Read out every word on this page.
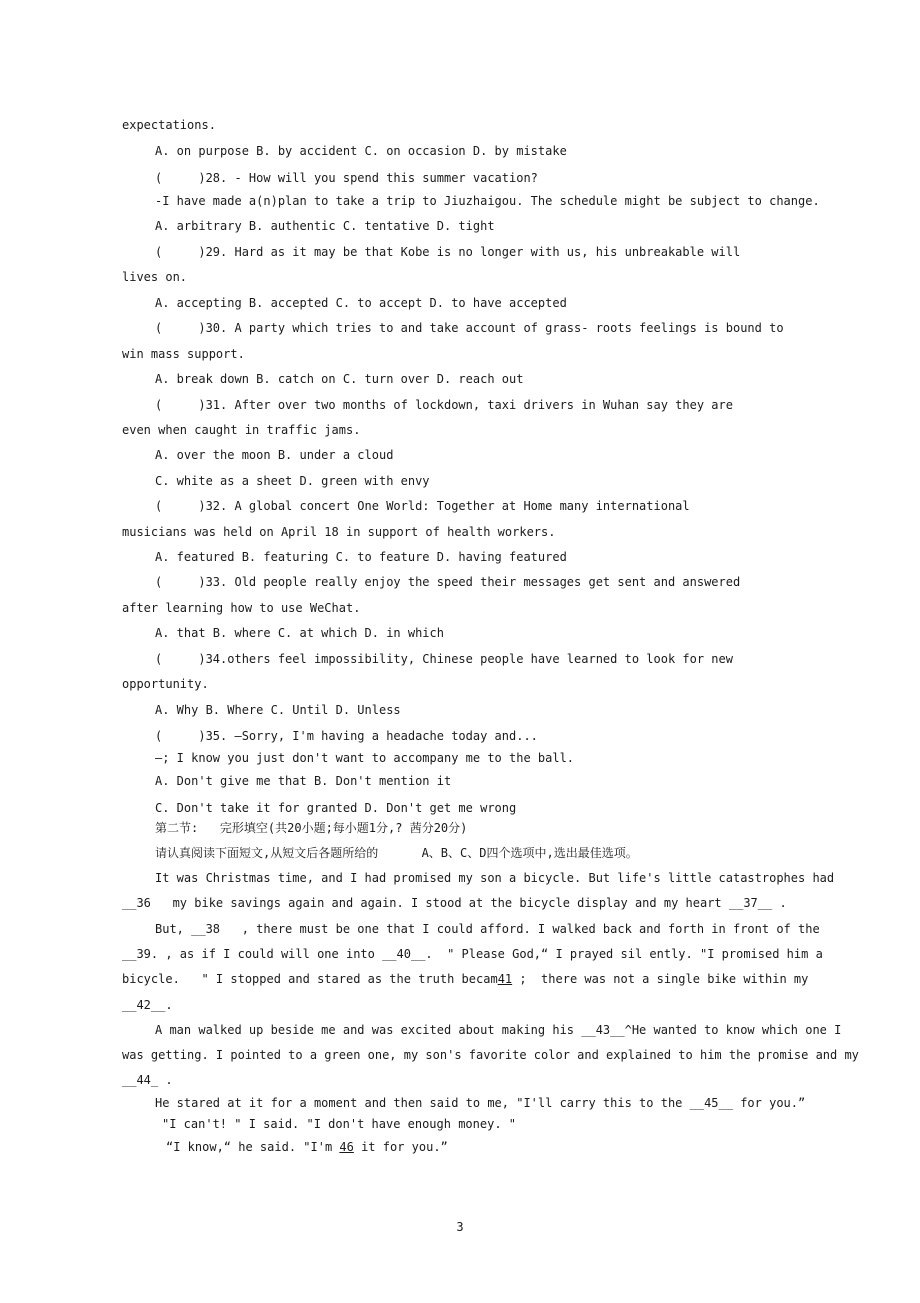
expectations.
A. on purpose B. by accident C. on occasion D. by mistake
(     )28. - How will you spend this summer vacation?
-I have made a(n)plan to take a trip to Jiuzhaigou. The schedule might be subject to change.
A. arbitrary B. authentic C. tentative D. tight
(     )29. Hard as it may be that Kobe is no longer with us, his unbreakable will
lives on.
A. accepting B. accepted C. to accept D. to have accepted
(     )30. A party which tries to and take account of grass- roots feelings is bound to
win mass support.
A. break down B. catch on C. turn over D. reach out
(     )31. After over two months of lockdown, taxi drivers in Wuhan say they are
even when caught in traffic jams.
A. over the moon B. under a cloud
C. white as a sheet D. green with envy
(     )32. A global concert One World: Together at Home many international
musicians was held on April 18 in support of health workers.
A. featured B. featuring C. to feature D. having featured
(     )33. Old people really enjoy the speed their messages get sent and answered
after learning how to use WeChat.
A. that B. where C. at which D. in which
(     )34.others feel impossibility, Chinese people have learned to look for new
opportunity.
A. Why B. Where C. Until D. Unless
(     )35. —Sorry, I'm having a headache today and...
—; I know you just don't want to accompany me to the ball.
A. Don't give me that B. Don't mention it
C. Don't take it for granted D. Don't get me wrong
第二节:   完形填空(共20小题;每小题1分,? 茜分20分)
请认真阅读下面短文,从短文后各题所给的      A、B、C、D四个选项中,选出最佳选项。
It was Christmas time, and I had promised my son a bicycle. But life's little catastrophes had
__36   my bike savings again and again. I stood at the bicycle display and my heart __37__ .
But, __38   , there must be one that I could afford. I walked back and forth in front of the
__39. , as if I could will one into __40__.  " Please God,“ I prayed sil ently. "I promised him a
bicycle.   " I stopped and stared as the truth becam41 ;  there was not a single bike within my
__42__.
A man walked up beside me and was excited about making his __43__^He wanted to know which one I
was getting. I pointed to a green one, my son's favorite color and explained to him the promise and my
__44_ .
He stared at it for a moment and then said to me, "I'll carry this to the __45__ for you.”
"I can't! " I said. "I don't have enough money. "
“I know,“ he said. "I'm 46 it for you.”
3
